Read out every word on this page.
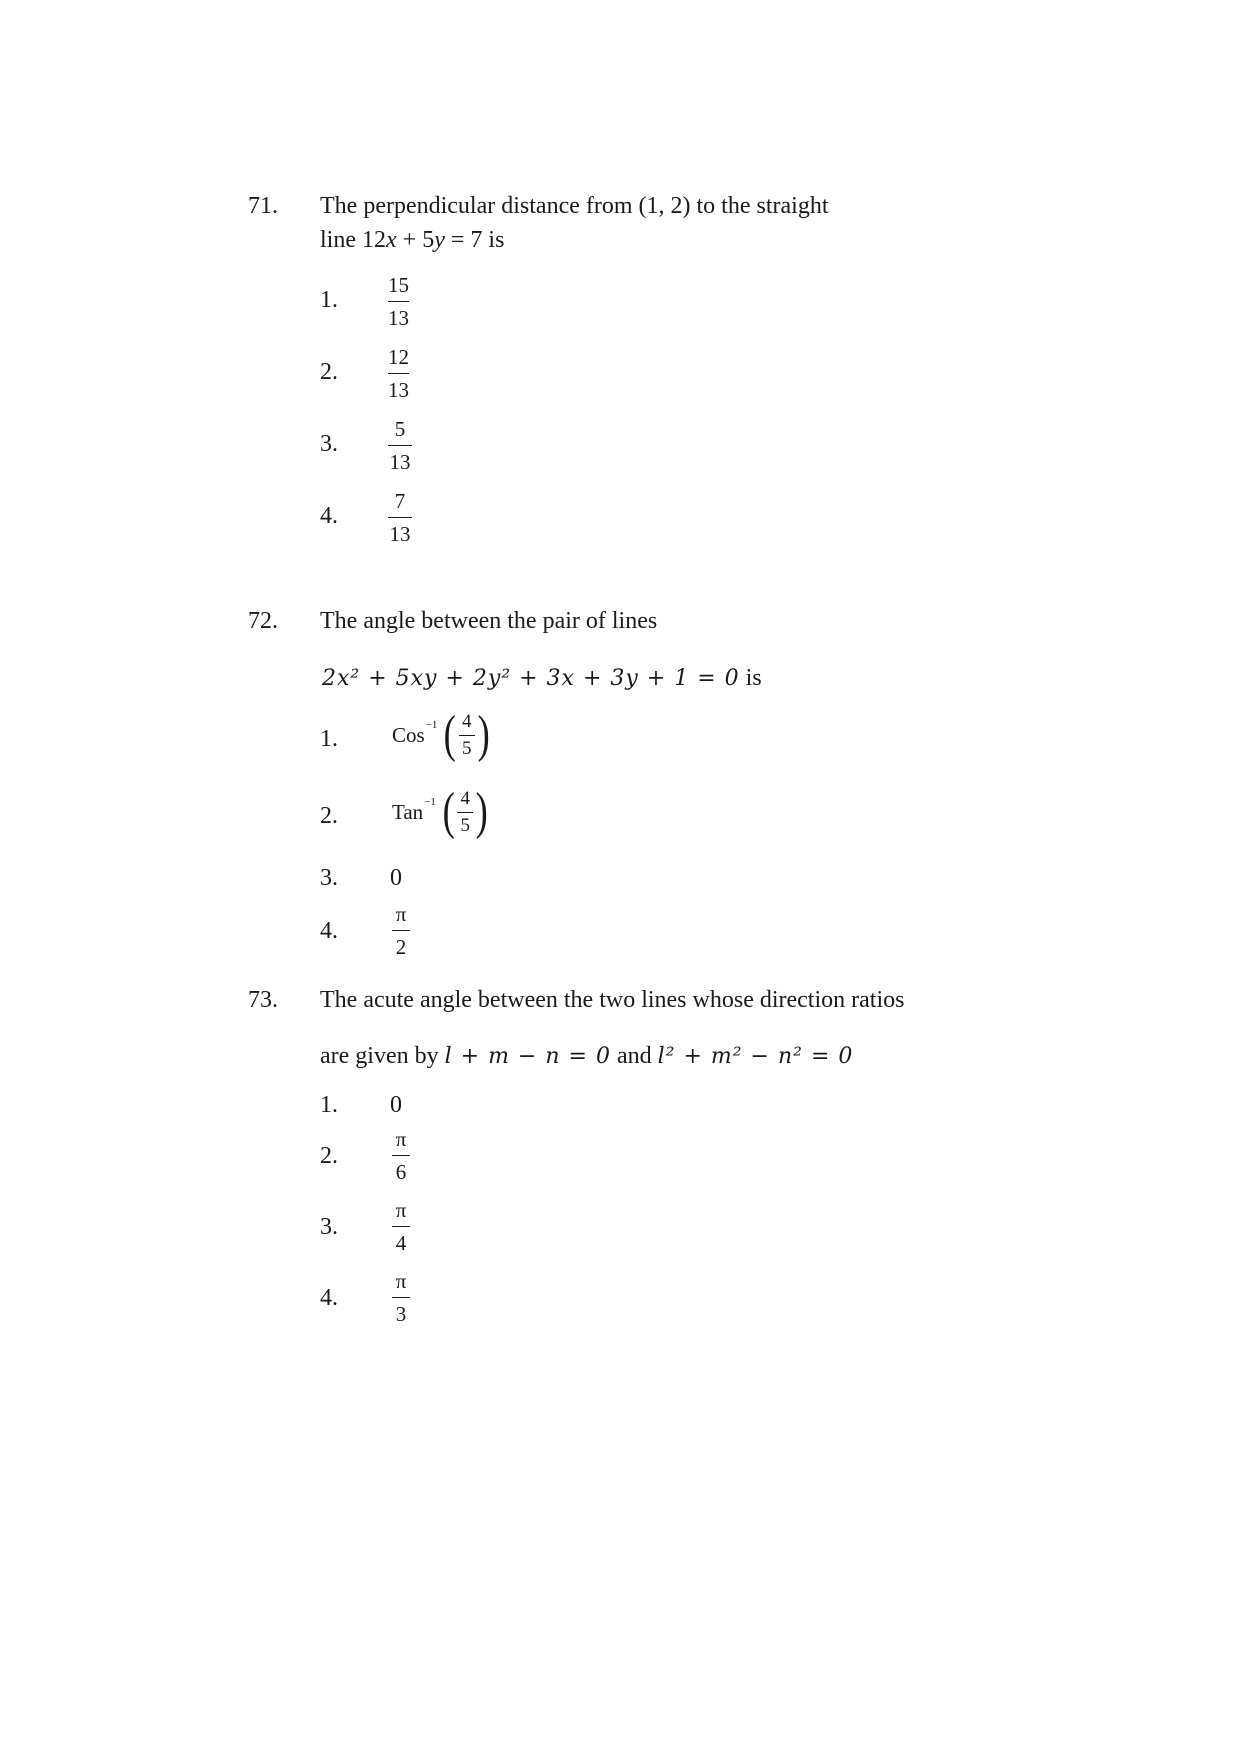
71. The perpendicular distance from (1, 2) to the straight
line 12x + 5y = 7 is
1.
15
13
2.
12
13
3.
5
13
4.
7
13
72. The angle between the pair of lines
2x² + 5xy + 2y² + 3x + 3y + 1 = 0 is
1.	Cos −1 ( $\frac{4}{5}$ )
2.	Tan −1 ( $\frac{4}{5}$ )
3. 0
4.
π
2
73. The acute angle between the two lines whose direction ratios
are given by l + m − n = 0 and l² + m² − n² = 0
1. 0
2.
π
6
3.
π
4
4.
π
3
